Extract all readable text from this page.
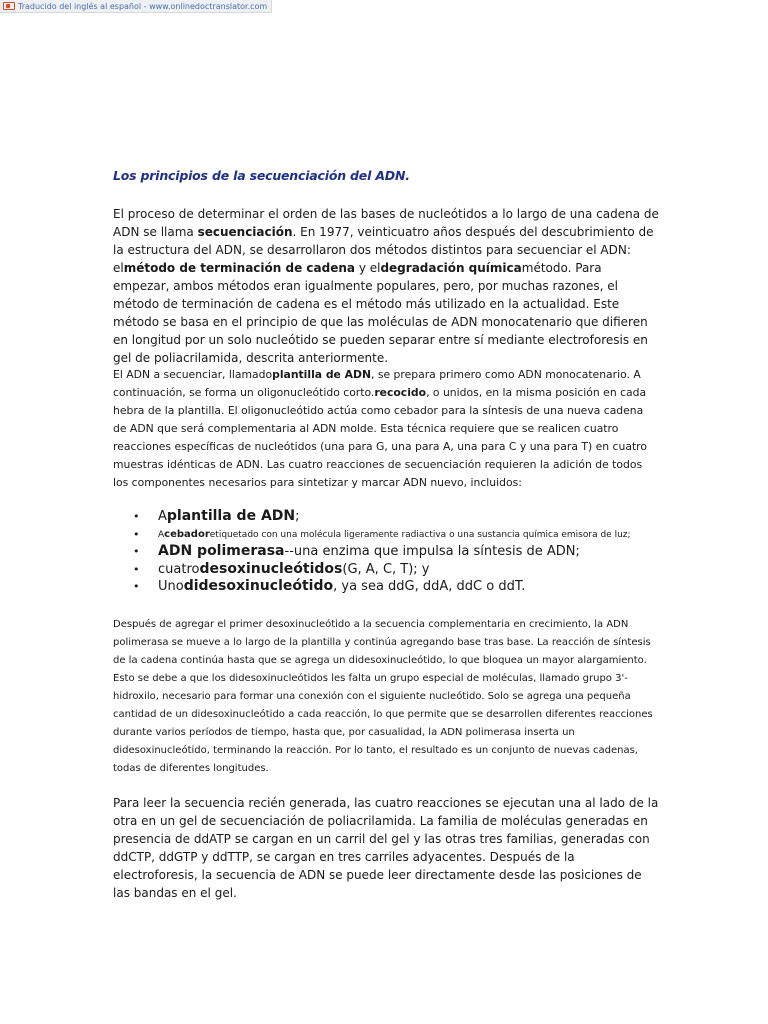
Traducido del inglés al español - www.onlinedoctranslator.com
Los principios de la secuenciación del ADN.

El proceso de determinar el orden de las bases de nucleótidos a lo largo de una cadena de ADN se llama secuenciación. En 1977, veinticuatro años después del descubrimiento de la estructura del ADN, se desarrollaron dos métodos distintos para secuenciar el ADN: elmétodo de terminación de cadena y eldegradación químicamétodo. Para empezar, ambos métodos eran igualmente populares, pero, por muchas razones, el método de terminación de cadena es el método más utilizado en la actualidad. Este método se basa en el principio de que las moléculas de ADN monocatenario que difieren en longitud por un solo nucleótido se pueden separar entre sí mediante electroforesis en gel de poliacrilamida, descrita anteriormente.

El ADN a secuenciar, llamadoplantilla de ADN, se prepara primero como ADN monocatenario. A continuación, se forma un oligonucleótido corto.recocido, o unidos, en la misma posición en cada hebra de la plantilla. El oligonucleótido actúa como cebador para la síntesis de una nueva cadena de ADN que será complementaria al ADN molde. Esta técnica requiere que se realicen cuatro reacciones específicas de nucleótidos (una para G, una para A, una para C y una para T) en cuatro muestras idénticas de ADN. Las cuatro reacciones de secuenciación requieren la adición de todos los componentes necesarios para sintetizar y marcar ADN nuevo, incluidos:

• Aplantilla de ADN;
• Acebadoretiquetado con una molécula ligeramente radiactiva o una sustancia química emisora de luz;
• ADN polimerasa--una enzima que impulsa la síntesis de ADN;
• cuatrodesoxinucleótidos(G, A, C, T); y
• Unodidesoxinucleótido, ya sea ddG, ddA, ddC o ddT.

Después de agregar el primer desoxinucleótido a la secuencia complementaria en crecimiento, la ADN polimerasa se mueve a lo largo de la plantilla y continúa agregando base tras base. La reacción de síntesis de la cadena continúa hasta que se agrega un didesoxinucleótido, lo que bloquea un mayor alargamiento. Esto se debe a que los didesoxinucleótidos les falta un grupo especial de moléculas, llamado grupo 3'-hidroxilo, necesario para formar una conexión con el siguiente nucleótido. Solo se agrega una pequeña cantidad de un didesoxinucleótido a cada reacción, lo que permite que se desarrollen diferentes reacciones durante varios períodos de tiempo, hasta que, por casualidad, la ADN polimerasa inserta un didesoxinucleótido, terminando la reacción. Por lo tanto, el resultado es un conjunto de nuevas cadenas, todas de diferentes longitudes.

Para leer la secuencia recién generada, las cuatro reacciones se ejecutan una al lado de la otra en un gel de secuenciación de poliacrilamida. La familia de moléculas generadas en presencia de ddATP se cargan en un carril del gel y las otras tres familias, generadas con ddCTP, ddGTP y ddTTP, se cargan en tres carriles adyacentes. Después de la electroforesis, la secuencia de ADN se puede leer directamente desde las posiciones de las bandas en el gel.
